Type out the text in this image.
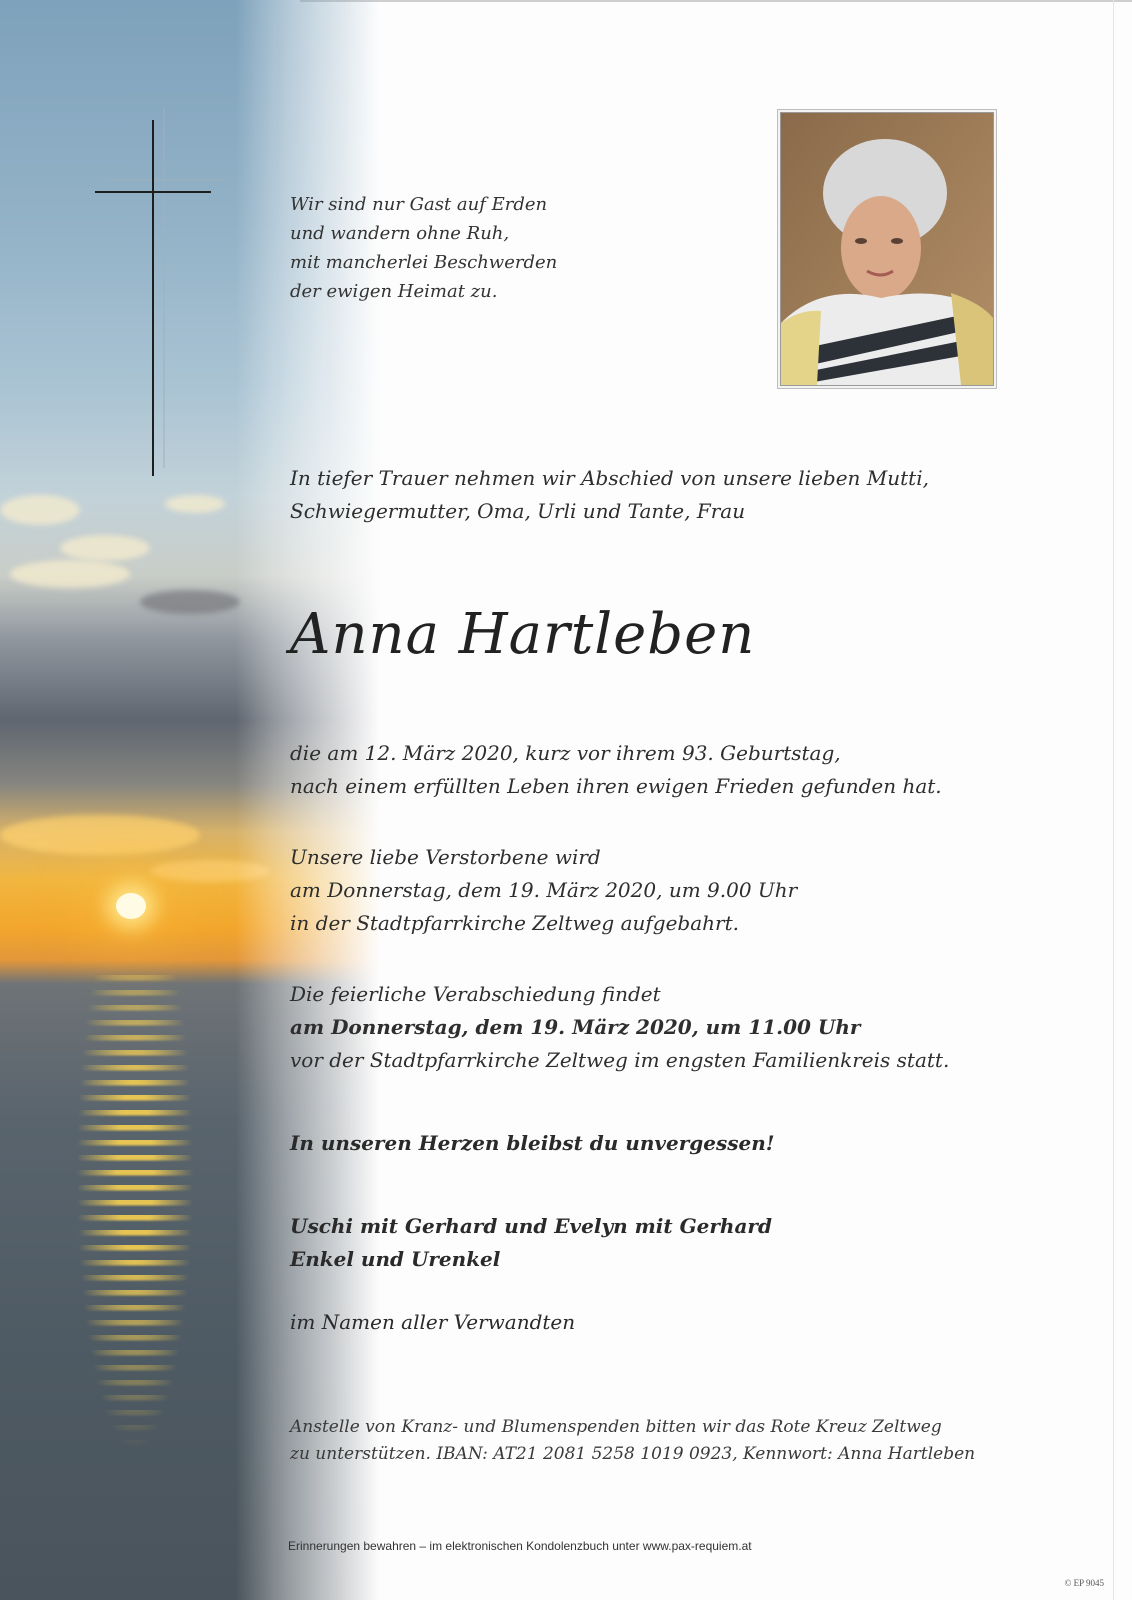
Wir sind nur Gast auf Erden
und wandern ohne Ruh,
mit mancherlei Beschwerden
der ewigen Heimat zu.
In tiefer Trauer nehmen wir Abschied von unsere lieben Mutti,
Schwiegermutter, Oma, Urli und Tante, Frau
Anna Hartleben
die am 12. März 2020, kurz vor ihrem 93. Geburtstag,
nach einem erfüllten Leben ihren ewigen Frieden gefunden hat.
Unsere liebe Verstorbene wird
am Donnerstag, dem 19. März 2020, um 9.00 Uhr
in der Stadtpfarrkirche Zeltweg aufgebahrt.
Die feierliche Verabschiedung findet
am Donnerstag, dem 19. März 2020, um 11.00 Uhr
vor der Stadtpfarrkirche Zeltweg im engsten Familienkreis statt.
In unseren Herzen bleibst du unvergessen!
Uschi mit Gerhard und Evelyn mit Gerhard
Enkel und Urenkel
im Namen aller Verwandten
Anstelle von Kranz- und Blumenspenden bitten wir das Rote Kreuz Zeltweg
zu unterstützen. IBAN: AT21 2081 5258 1019 0923, Kennwort: Anna Hartleben
Erinnerungen bewahren – im elektronischen Kondolenzbuch unter www.pax-requiem.at
© EP 9045
